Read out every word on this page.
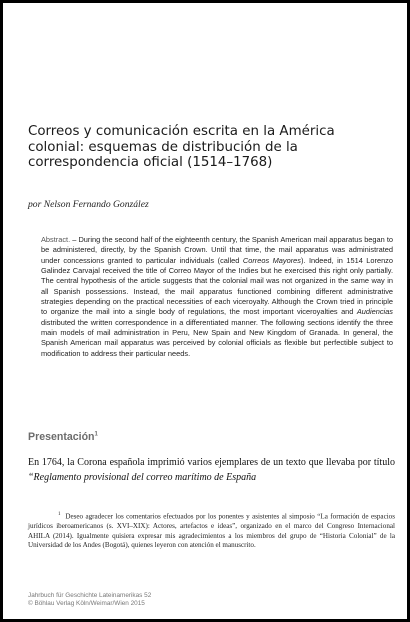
Correos y comunicación escrita en la América colonial: esquemas de distribución de la correspondencia oficial (1514–1768)
por Nelson Fernando González

Abstract. – During the second half of the eighteenth century, the Spanish American mail apparatus began to be administered, directly, by the Spanish Crown. Until that time, the mail apparatus was administrated under concessions granted to particular individuals (called Correos Mayores). Indeed, in 1514 Lorenzo Galindez Carvajal received the title of Correo Mayor of the Indies but he exercised this right only partially. The central hypothesis of the article suggests that the colonial mail was not organized in the same way in all Spanish possessions. Instead, the mail apparatus functioned combining different administrative strategies depending on the practical necessities of each viceroyalty. Although the Crown tried in principle to organize the mail into a single body of regulations, the most important viceroyalties and Audiencias distributed the written correspondence in a differentiated manner. The following sections identify the three main models of mail administration in Peru, New Spain and New Kingdom of Granada. In general, the Spanish American mail apparatus was perceived by colonial officials as flexible but perfectible subject to modification to address their particular needs.

Presentación$^1$

En 1764, la Corona española imprimió varios ejemplares de un texto que llevaba por título “Reglamento provisional del correo marítimo de España

$^1$ Deseo agradecer los comentarios efectuados por los ponentes y asistentes al simposio “La formación de espacios jurídicos iberoamericanos (s. XVI–XIX): Actores, artefactos e ideas”, organizado en el marco del Congreso Internacional AHILA (2014). Igualmente quisiera expresar mis agradecimientos a los miembros del grupo de “Historia Colonial” de la Universidad de los Andes (Bogotá), quienes leyeron con atención el manuscrito.

Jahrbuch für Geschichte Lateinamerikas 52
© Böhlau Verlag Köln/Weimar/Wien 2015
